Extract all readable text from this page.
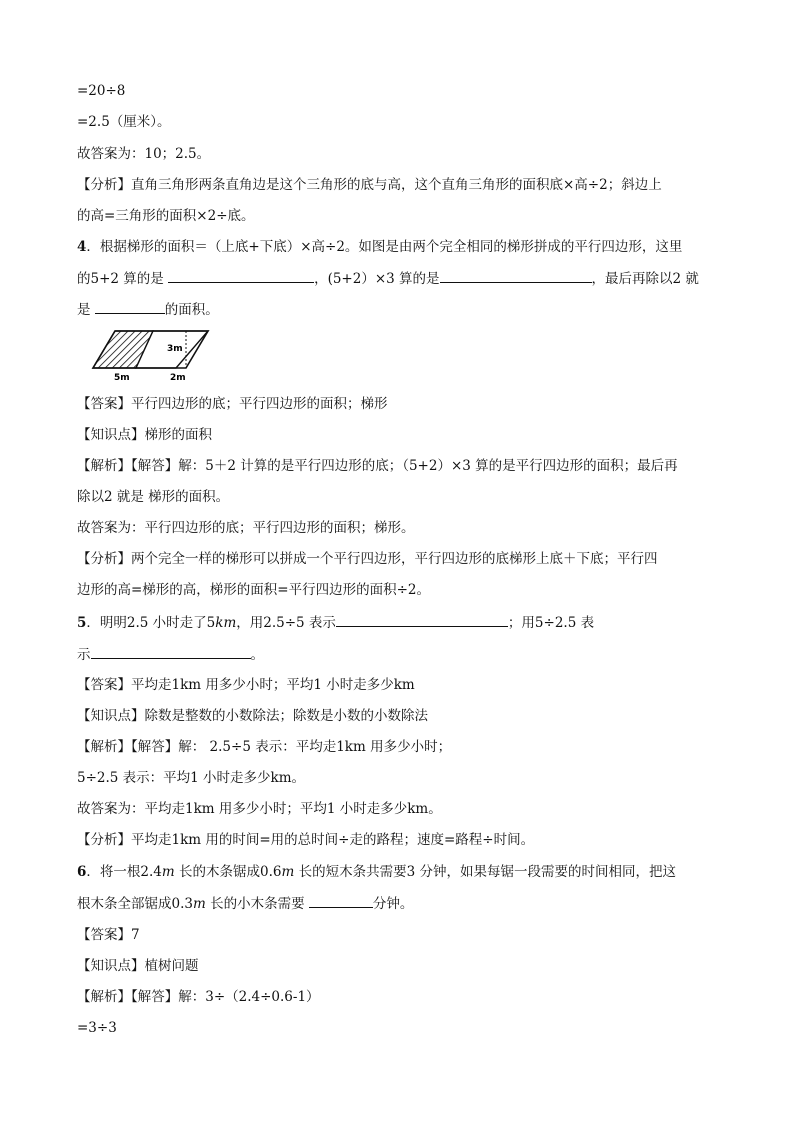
=20÷8
=2.5（厘米）。
故答案为：10；2.5。
【分析】直角三角形两条直角边是这个三角形的底与高，这个直角三角形的面积底×高÷2；斜边上
的高=三角形的面积×2÷底。
4．根据梯形的面积＝（上底+下底）×高÷2。如图是由两个完全相同的梯形拼成的平行四边形，这里
的5+2 算的是	，(5+2）×3 算的是	，最后再除以2 就
是	的面积。
3m
5m	2m
【答案】平行四边形的底；平行四边形的面积；梯形
【知识点】梯形的面积
【解析】【解答】解：5＋2 计算的是平行四边形的底；（5+2）×3 算的是平行四边形的面积；最后再
除以2 就是 梯形的面积。
故答案为：平行四边形的底；平行四边形的面积；梯形。
【分析】两个完全一样的梯形可以拼成一个平行四边形，平行四边形的底梯形上底＋下底；平行四
边形的高=梯形的高，梯形的面积=平行四边形的面积÷2。
5．明明2.5 小时走了5km，用2.5÷5 表示	；用5÷2.5 表
示	。
【答案】平均走1km 用多少小时；平均1 小时走多少km
【知识点】除数是整数的小数除法；除数是小数的小数除法
【解析】【解答】解： 2.5÷5 表示：平均走1km 用多少小时；
5÷2.5 表示：平均1 小时走多少km。
故答案为：平均走1km 用多少小时；平均1 小时走多少km。
【分析】平均走1km 用的时间=用的总时间÷走的路程；速度=路程÷时间。
6．将一根2.4m 长的木条锯成0.6m 长的短木条共需要3 分钟，如果每锯一段需要的时间相同，把这
根木条全部锯成0.3m 长的小木条需要	分钟。
【答案】7
【知识点】植树问题
【解析】【解答】解：3÷（2.4÷0.6-1）
=3÷3
